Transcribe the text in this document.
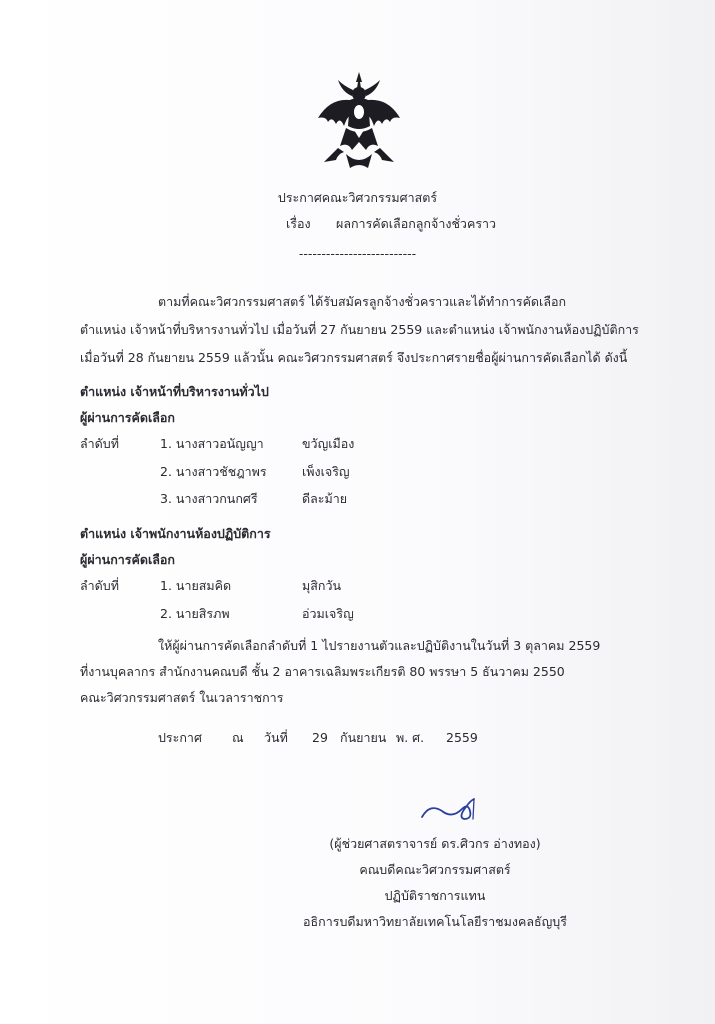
ประกาศคณะวิศวกรรมศาสตร์
เรื่อง ผลการคัดเลือกลูกจ้างชั่วคราว
--------------------------
ตามที่คณะวิศวกรรมศาสตร์ ได้รับสมัครลูกจ้างชั่วคราวและได้ทำการคัดเลือก
ตำแหน่ง เจ้าหน้าที่บริหารงานทั่วไป เมื่อวันที่ 27 กันยายน 2559 และตำแหน่ง เจ้าพนักงานห้องปฏิบัติการ
เมื่อวันที่ 28 กันยายน 2559 แล้วนั้น คณะวิศวกรรมศาสตร์ จึงประกาศรายชื่อผู้ผ่านการคัดเลือกได้ ดังนี้
ตำแหน่ง เจ้าหน้าที่บริหารงานทั่วไป
ผู้ผ่านการคัดเลือก
ลำดับที่	1. นางสาวอนัญญา	ขวัญเมือง
2. นางสาวชัชฎาพร	เพ็งเจริญ
3. นางสาวกนกศรี	ดีละม้าย
ตำแหน่ง เจ้าพนักงานห้องปฏิบัติการ
ผู้ผ่านการคัดเลือก
ลำดับที่	1. นายสมคิด	มุสิกวัน
2. นายสิรภพ	อ่วมเจริญ
ให้ผู้ผ่านการคัดเลือกลำดับที่ 1 ไปรายงานตัวและปฏิบัติงานในวันที่ 3 ตุลาคม 2559
ที่งานบุคลากร สำนักงานคณบดี ชั้น 2 อาคารเฉลิมพระเกียรติ 80 พรรษา 5 ธันวาคม 2550
คณะวิศวกรรมศาสตร์ ในเวลาราชการ
ประกาศ ณ วันที่ 29 กันยายน พ. ศ. 2559
(ผู้ช่วยศาสตราจารย์ ดร.ศิวกร อ่างทอง)
คณบดีคณะวิศวกรรมศาสตร์
ปฏิบัติราชการแทน
อธิการบดีมหาวิทยาลัยเทคโนโลยีราชมงคลธัญบุรี
